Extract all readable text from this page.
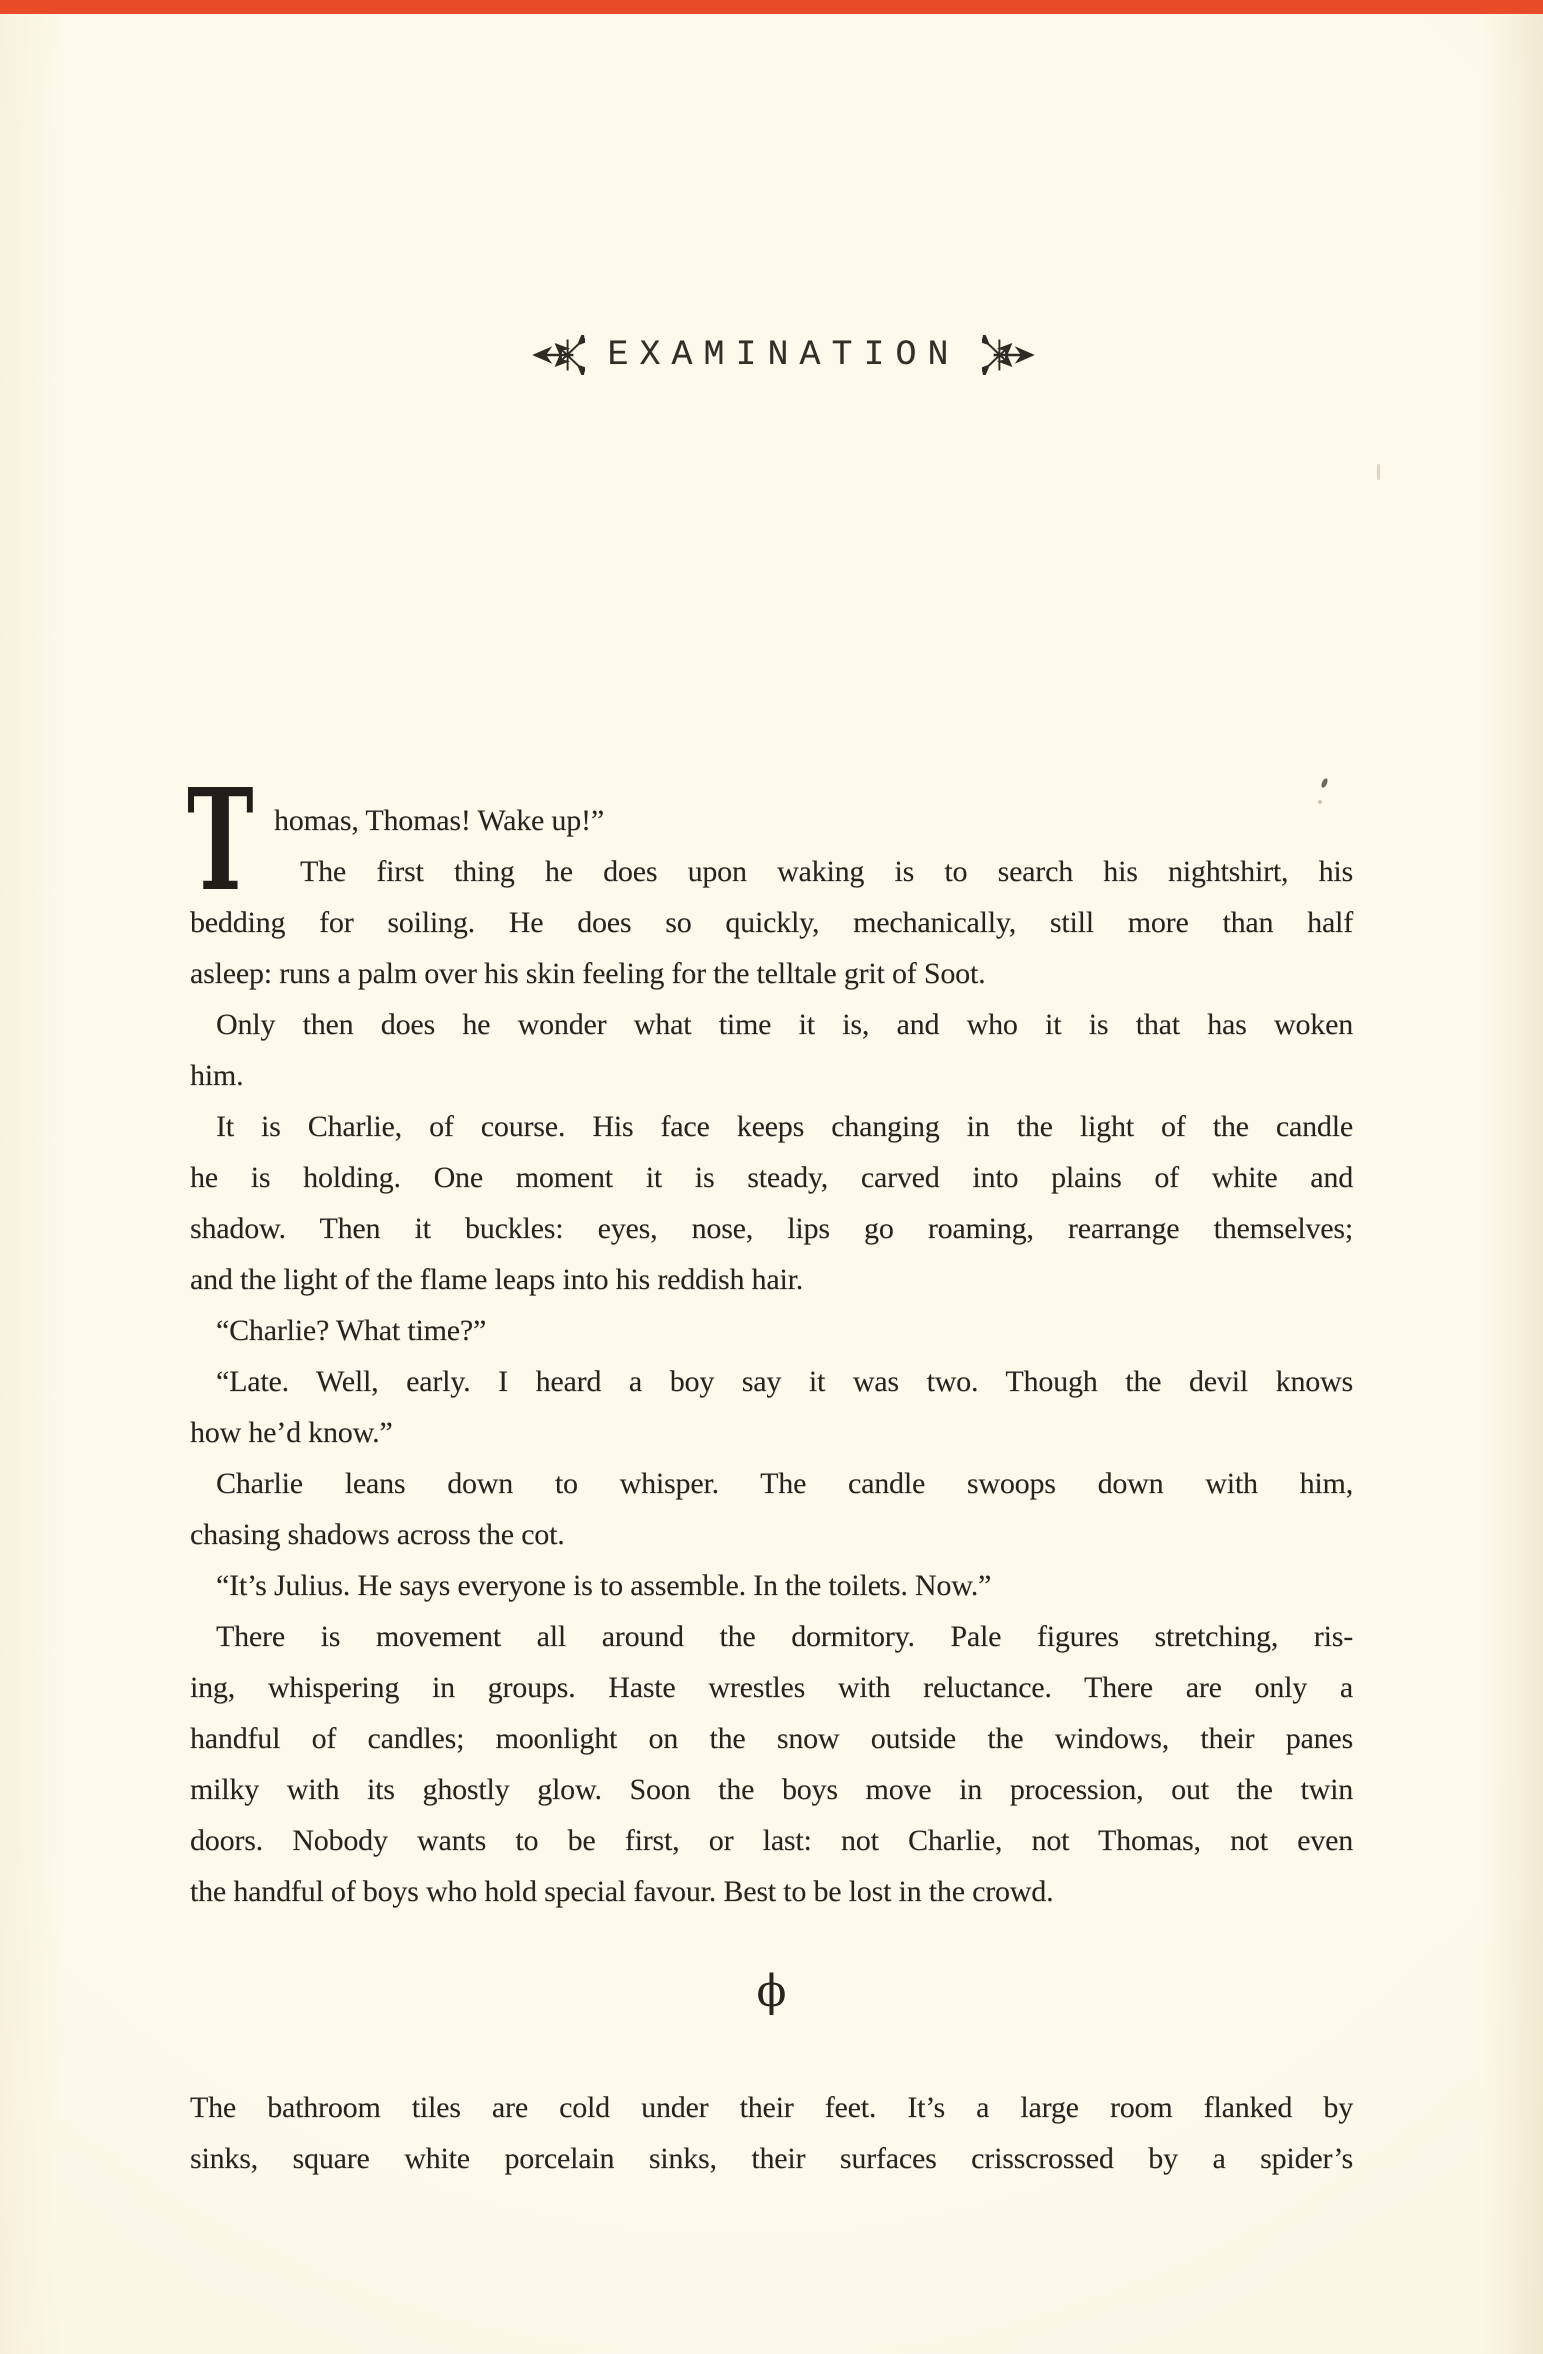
EXAMINATION
T homas, Thomas! Wake up!”
The first thing he does upon waking is to search his nightshirt, his
bedding for soiling. He does so quickly, mechanically, still more than half
asleep: runs a palm over his skin feeling for the telltale grit of Soot.
Only then does he wonder what time it is, and who it is that has woken
him.
It is Charlie, of course. His face keeps changing in the light of the candle
he is holding. One moment it is steady, carved into plains of white and
shadow. Then it buckles: eyes, nose, lips go roaming, rearrange themselves;
and the light of the flame leaps into his reddish hair.
“Charlie? What time?”
“Late. Well, early. I heard a boy say it was two. Though the devil knows
how he’d know.”
Charlie leans down to whisper. The candle swoops down with him,
chasing shadows across the cot.
“It’s Julius. He says everyone is to assemble. In the toilets. Now.”
There is movement all around the dormitory. Pale figures stretching, ris-
ing, whispering in groups. Haste wrestles with reluctance. There are only a
handful of candles; moonlight on the snow outside the windows, their panes
milky with its ghostly glow. Soon the boys move in procession, out the twin
doors. Nobody wants to be first, or last: not Charlie, not Thomas, not even
the handful of boys who hold special favour. Best to be lost in the crowd.
ϕ
The bathroom tiles are cold under their feet. It’s a large room flanked by
sinks, square white porcelain sinks, their surfaces crisscrossed by a spider’s
